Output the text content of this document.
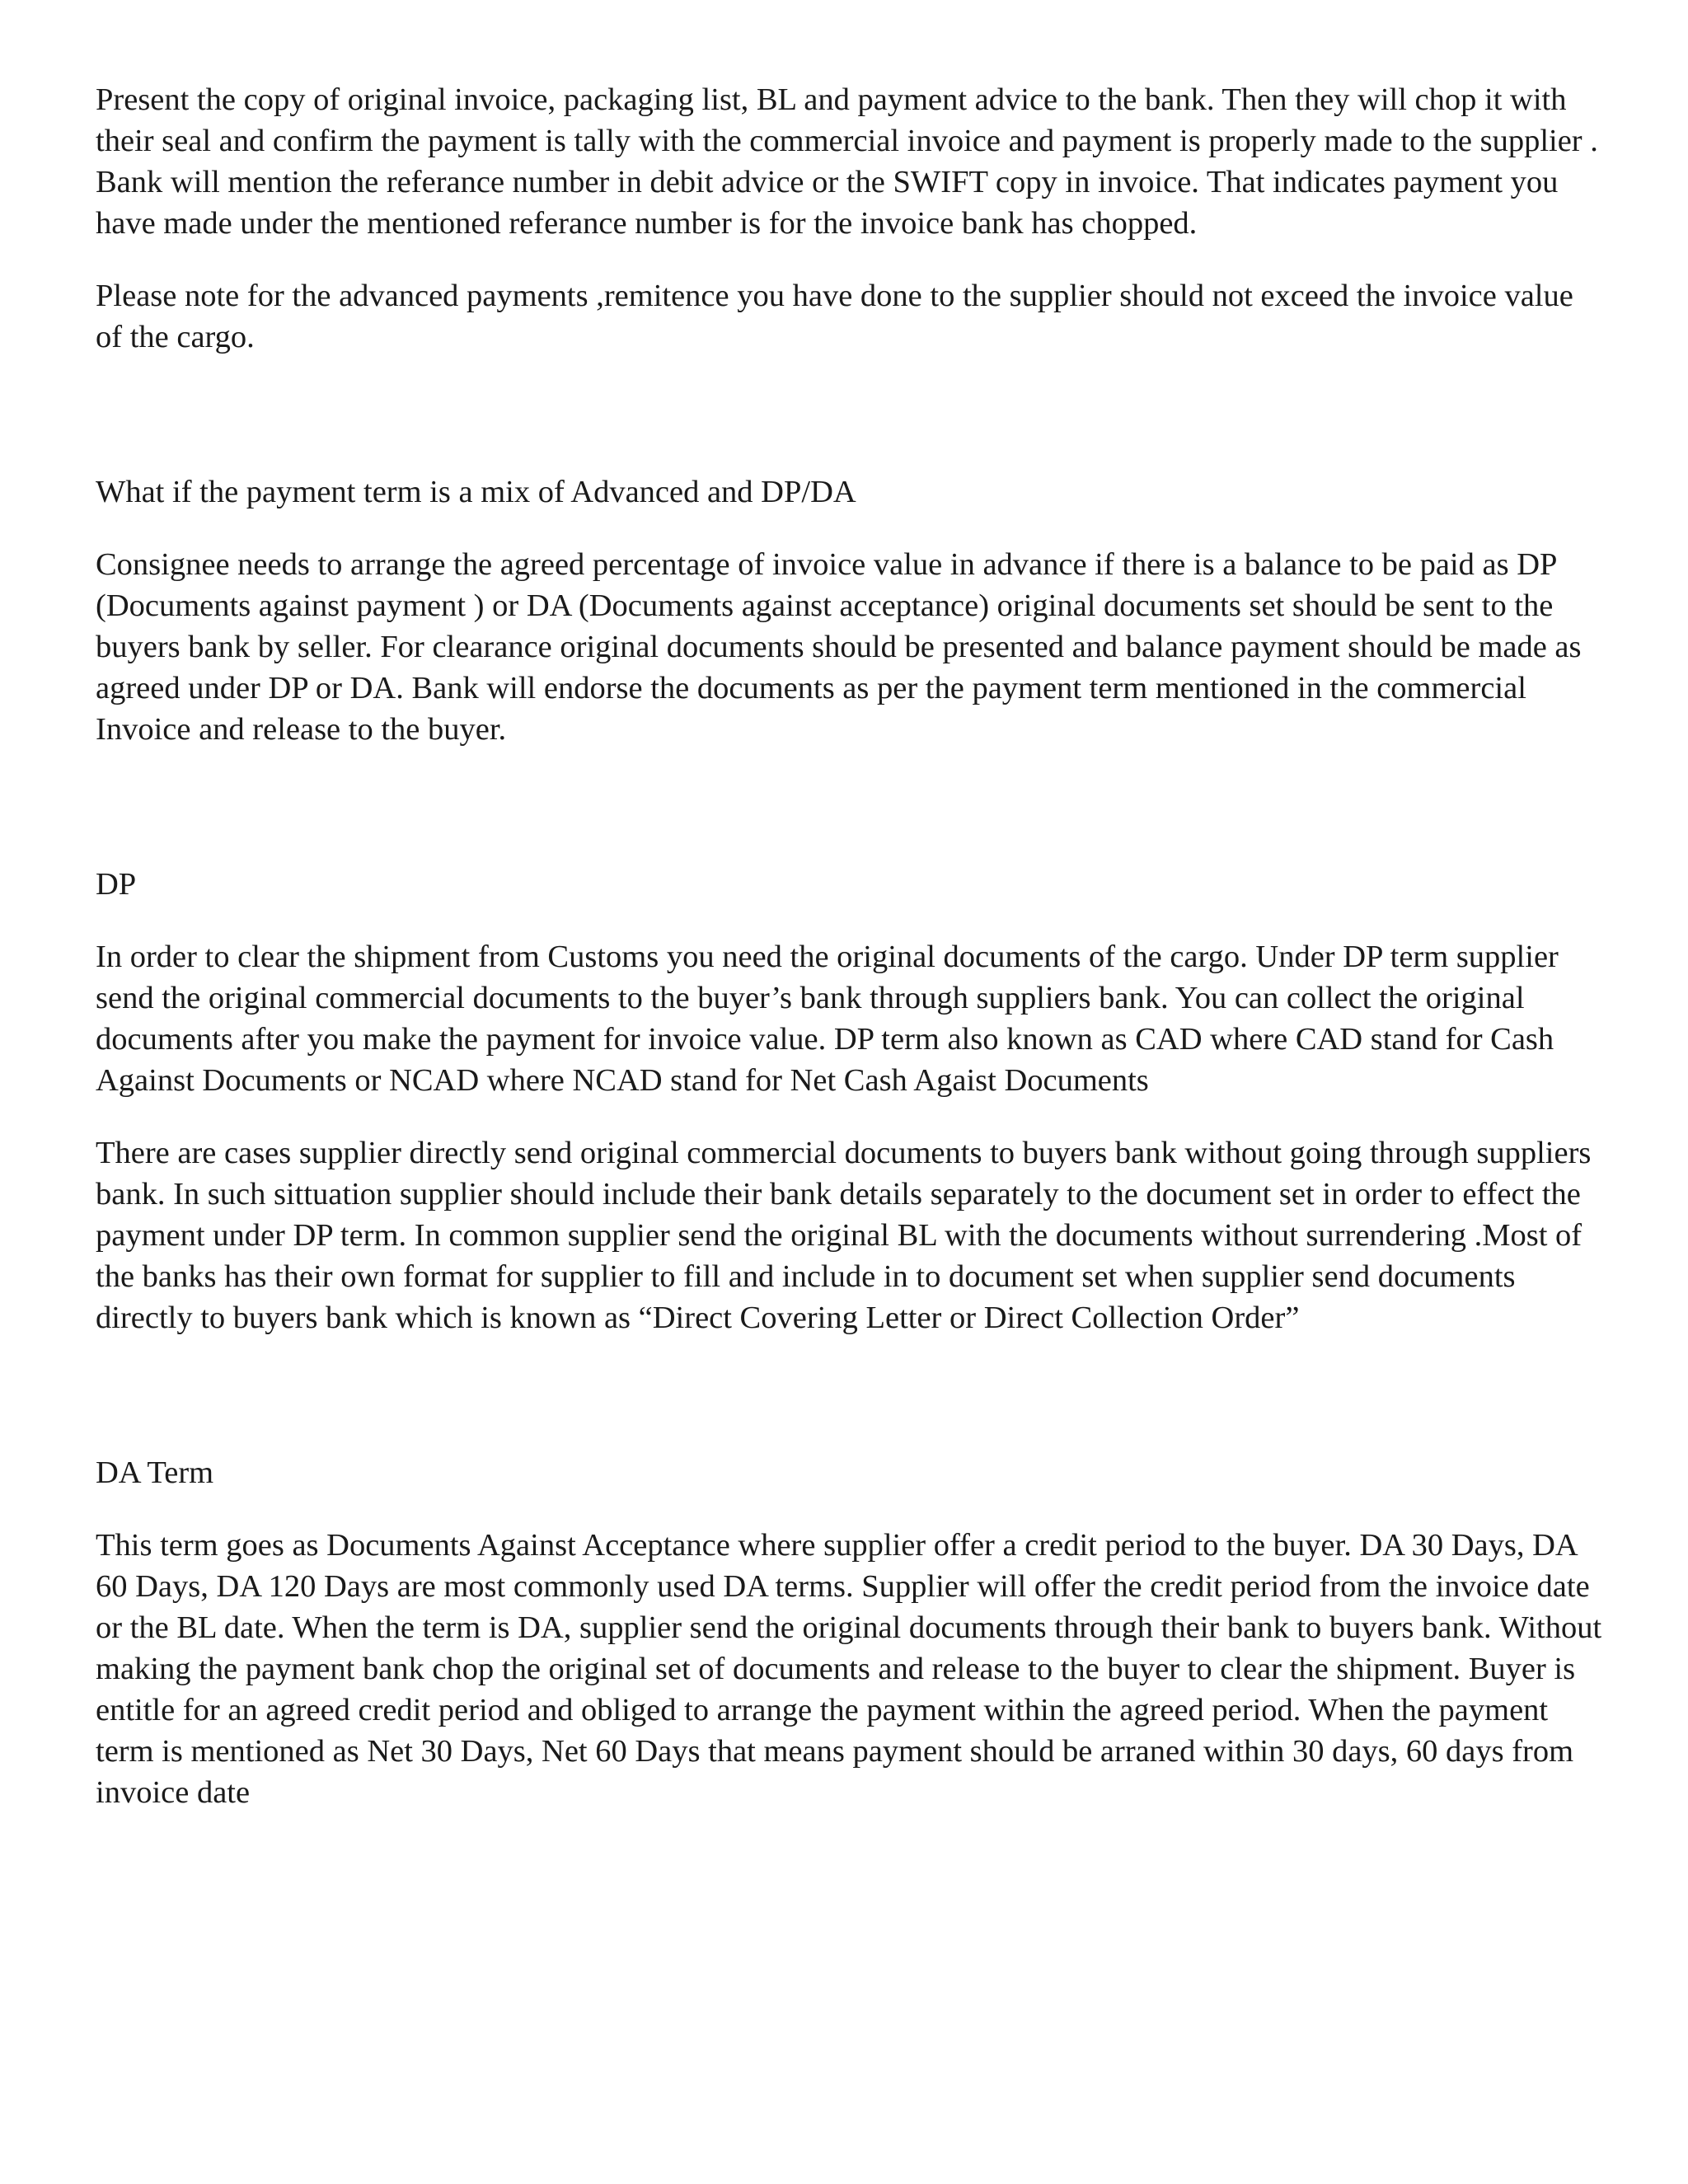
Present the copy of original invoice, packaging list, BL and payment advice to the bank. Then they will chop it with their seal and confirm the payment is tally with the commercial invoice and payment is properly made to the supplier . Bank will mention the referance number in debit advice or the SWIFT copy in invoice. That indicates payment you have made under the mentioned referance number is for the invoice bank has chopped.

Please note for the advanced payments ,remitence you have done to the supplier should not exceed the invoice value of the cargo.

What if the payment term is a mix of Advanced and DP/DA

Consignee needs to arrange the agreed percentage of invoice value in advance if there is a balance to be paid as DP (Documents against payment ) or DA (Documents against acceptance) original documents set should be sent to the buyers bank by seller. For clearance original documents should be presented and balance payment should be made as agreed under DP or DA. Bank will endorse the documents as per the payment term mentioned in the commercial Invoice and release to the buyer.

DP

In order to clear the shipment from Customs you need the original documents of the cargo. Under DP term supplier send the original commercial documents to the buyer’s bank through suppliers bank. You can collect the original documents after you make the payment for invoice value. DP term also known as CAD where CAD stand for Cash Against Documents or NCAD where NCAD stand for Net Cash Agaist Documents

There are cases supplier directly send original commercial documents to buyers bank without going through suppliers bank. In such sittuation supplier should include their bank details separately to the document set in order to effect the payment under DP term. In common supplier send the original BL with the documents without surrendering .Most of the banks has their own format for supplier to fill and include in to document set when supplier send documents directly to buyers bank which is known as “Direct Covering Letter or Direct Collection Order”

DA Term

This term goes as Documents Against Acceptance where supplier offer a credit period to the buyer. DA 30 Days, DA 60 Days, DA 120 Days are most commonly used DA terms. Supplier will offer the credit period from the invoice date or the BL date. When the term is DA, supplier send the original documents through their bank to buyers bank. Without making the payment bank chop the original set of documents and release to the buyer to clear the shipment. Buyer is entitle for an agreed credit period and obliged to arrange the payment within the agreed period. When the payment term is mentioned as Net 30 Days, Net 60 Days that means payment should be arraned within 30 days, 60 days from invoice date
